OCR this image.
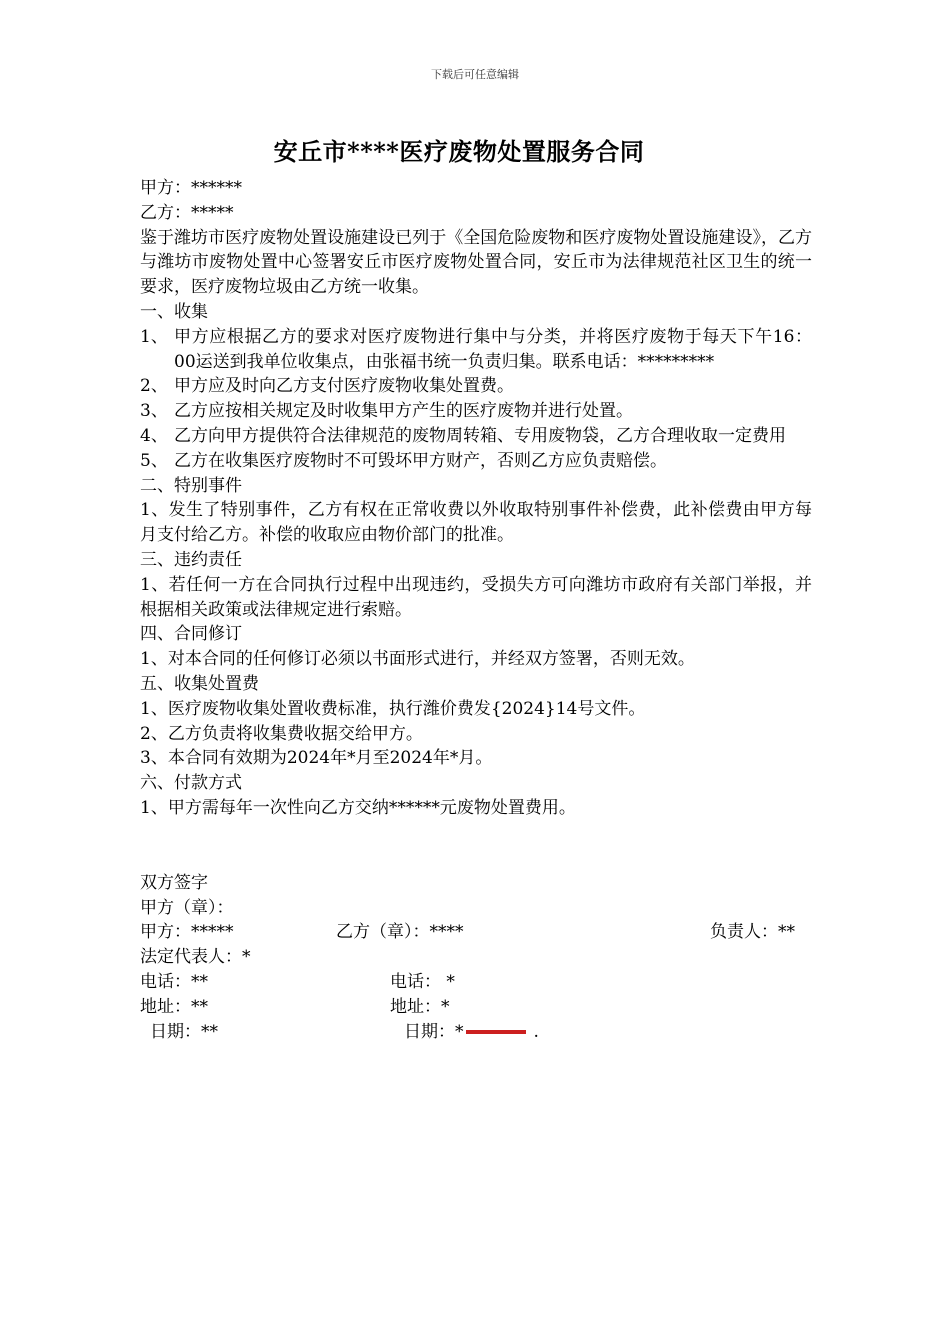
下载后可任意编辑
安丘市****医疗废物处置服务合同

甲方：******

乙方：*****

鉴于潍坊市医疗废物处置设施建设已列于《全国危险废物和医疗废物处置设施建设》，乙方与潍坊市废物处置中心签署安丘市医疗废物处置合同，安丘市为法律规范社区卫生的统一要求，医疗废物垃圾由乙方统一收集。

一、收集

1、 甲方应根据乙方的要求对医疗废物进行集中与分类，并将医疗废物于每天下午16：00运送到我单位收集点，由张福书统一负责归集。联系电话：*********
2、 甲方应及时向乙方支付医疗废物收集处置费。
3、 乙方应按相关规定及时收集甲方产生的医疗废物并进行处置。
4、 乙方向甲方提供符合法律规范的废物周转箱、专用废物袋，乙方合理收取一定费用
5、 乙方在收集医疗废物时不可毁坏甲方财产，否则乙方应负责赔偿。

二、特别事件

1、发生了特别事件，乙方有权在正常收费以外收取特别事件补偿费，此补偿费由甲方每月支付给乙方。补偿的收取应由物价部门的批准。

三、违约责任

1、若任何一方在合同执行过程中出现违约，受损失方可向潍坊市政府有关部门举报，并根据相关政策或法律规定进行索赔。

四、合同修订

1、对本合同的任何修订必须以书面形式进行，并经双方签署，否则无效。

五、收集处置费

1、医疗废物收集处置收费标准，执行潍价费发{2024}14号文件。

2、乙方负责将收集费收据交给甲方。

3、本合同有效期为2024年*月至2024年*月。

六、付款方式

1、甲方需每年一次性向乙方交纳******元废物处置费用。

双方签字

甲方（章）：

甲方：*****	乙方（章）：****	负责人：**

法定代表人：*

电话：**	电话： *
地址：**	地址：*
日期：**	日期：*	.
